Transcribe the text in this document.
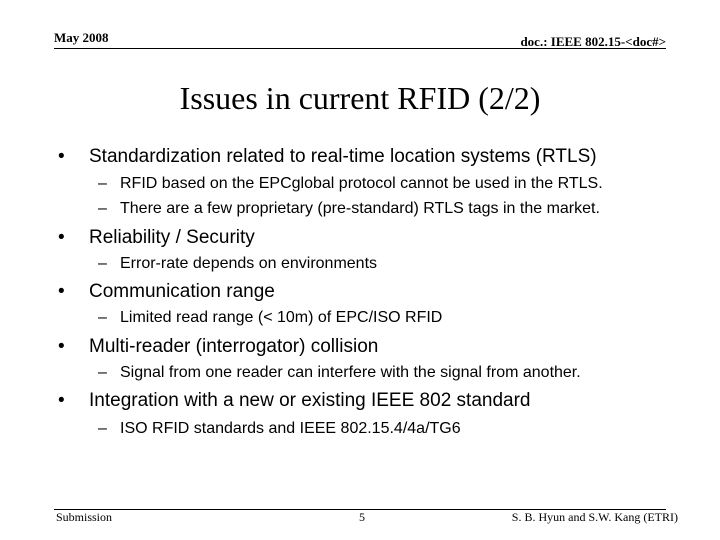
May 2008	doc.: IEEE 802.15-<doc#>
Issues in current RFID (2/2)
• Standardization related to real-time location systems (RTLS)
– RFID based on the EPCglobal protocol cannot be used in the RTLS.
– There are a few proprietary (pre-standard) RTLS tags in the market.
• Reliability / Security
– Error-rate depends on environments
• Communication range
– Limited read range (< 10m) of EPC/ISO RFID
• Multi-reader (interrogator) collision
– Signal from one reader can interfere with the signal from another.
• Integration with a new or existing IEEE 802 standard
– ISO RFID standards and IEEE 802.15.4/4a/TG6
Submission	5	S. B. Hyun and S.W. Kang (ETRI)
